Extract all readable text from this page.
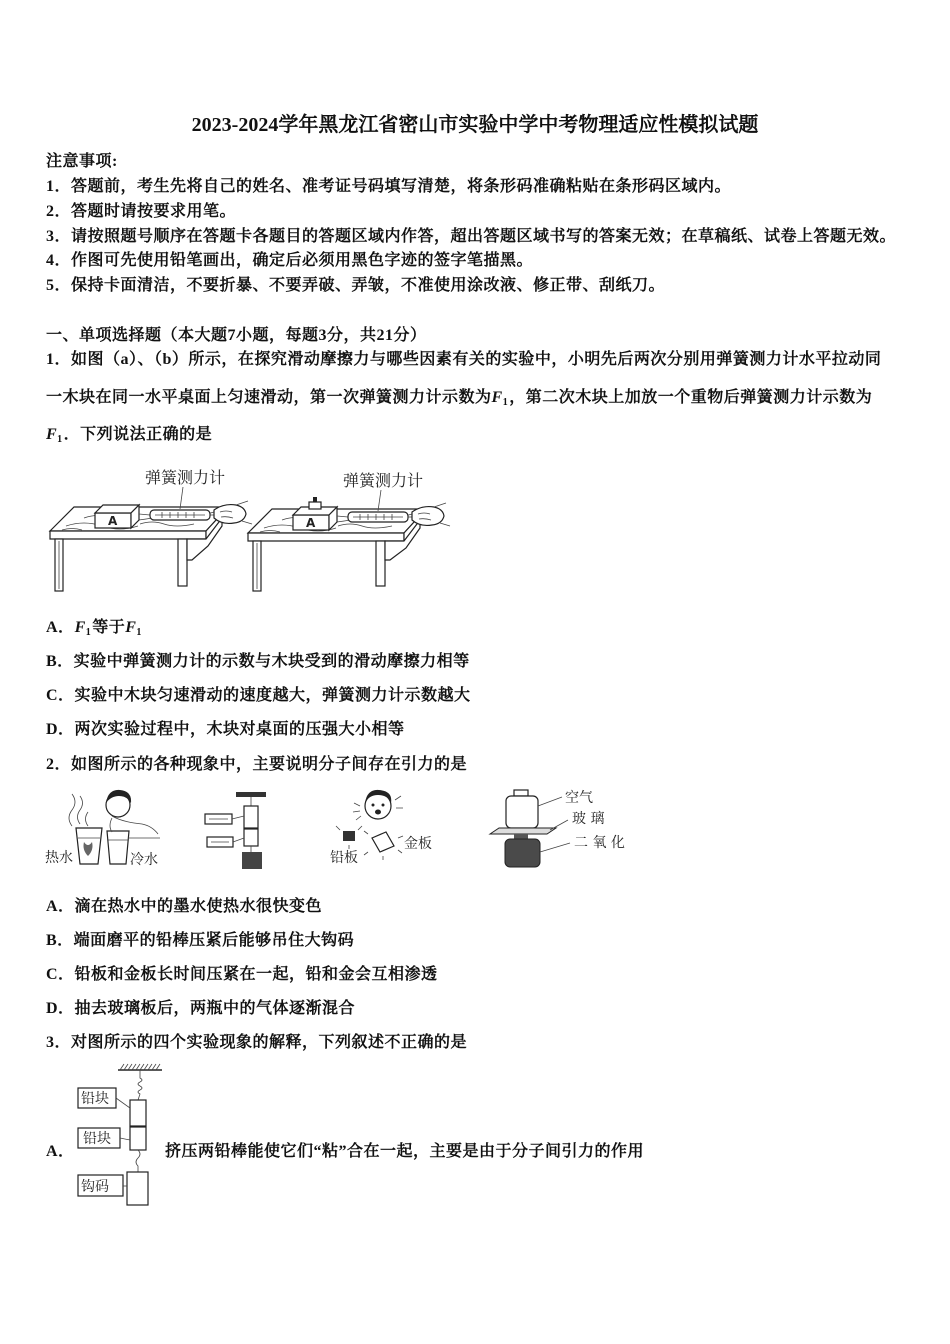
2023-2024学年黑龙江省密山市实验中学中考物理适应性模拟试题
注意事项:
1．答题前，考生先将自己的姓名、准考证号码填写清楚，将条形码准确粘贴在条形码区域内。
2．答题时请按要求用笔。
3．请按照题号顺序在答题卡各题目的答题区域内作答，超出答题区域书写的答案无效；在草稿纸、试卷上答题无效。
4．作图可先使用铅笔画出，确定后必须用黑色字迹的签字笔描黑。
5．保持卡面清洁，不要折暴、不要弄破、弄皱，不准使用涂改液、修正带、刮纸刀。
一、单项选择题（本大题7小题，每题3分，共21分）
1．如图（a）、（b）所示，在探究滑动摩擦力与哪些因素有关的实验中，小明先后两次分别用弹簧测力计水平拉动同
一木块在同一水平桌面上匀速滑动，第一次弹簧测力计示数为F1，第二次木块上加放一个重物后弹簧测力计示数为
F1．下列说法正确的是
A
弹簧测力计
A
弹簧测力计
A．F1等于F1
B．实验中弹簧测力计的示数与木块受到的滑动摩擦力相等
C．实验中木块匀速滑动的速度越大，弹簧测力计示数越大
D．两次实验过程中，木块对桌面的压强大小相等
2．如图所示的各种现象中，主要说明分子间存在引力的是
热水	冷水	铅板
金板
空气
玻 璃
二 氧 化
A．滴在热水中的墨水使热水很快变色
B．端面磨平的铅棒压紧后能够吊住大钩码
C．铅板和金板长时间压紧在一起，铅和金会互相渗透
D．抽去玻璃板后，两瓶中的气体逐渐混合
3．对图所示的四个实验现象的解释，下列叙述不正确的是
铅块
铅块
钩码
A．	挤压两铅棒能使它们“粘”合在一起，主要是由于分子间引力的作用
